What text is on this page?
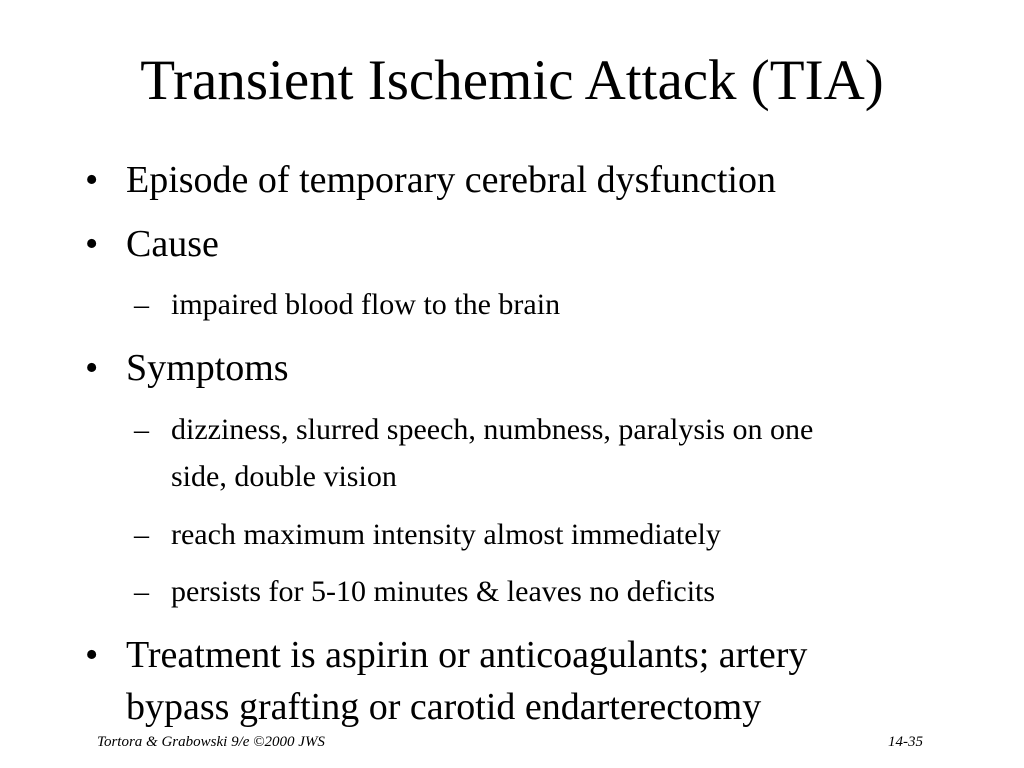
Transient Ischemic Attack (TIA)
• Episode of temporary cerebral dysfunction
• Cause
– impaired blood flow to the brain
• Symptoms
– dizziness, slurred speech, numbness, paralysis on one
side, double vision
– reach maximum intensity almost immediately
– persists for 5-10 minutes & leaves no deficits
• Treatment is aspirin or anticoagulants; artery
bypass grafting or carotid endarterectomy
Tortora & Grabowski 9/e ©2000 JWS	14-35
